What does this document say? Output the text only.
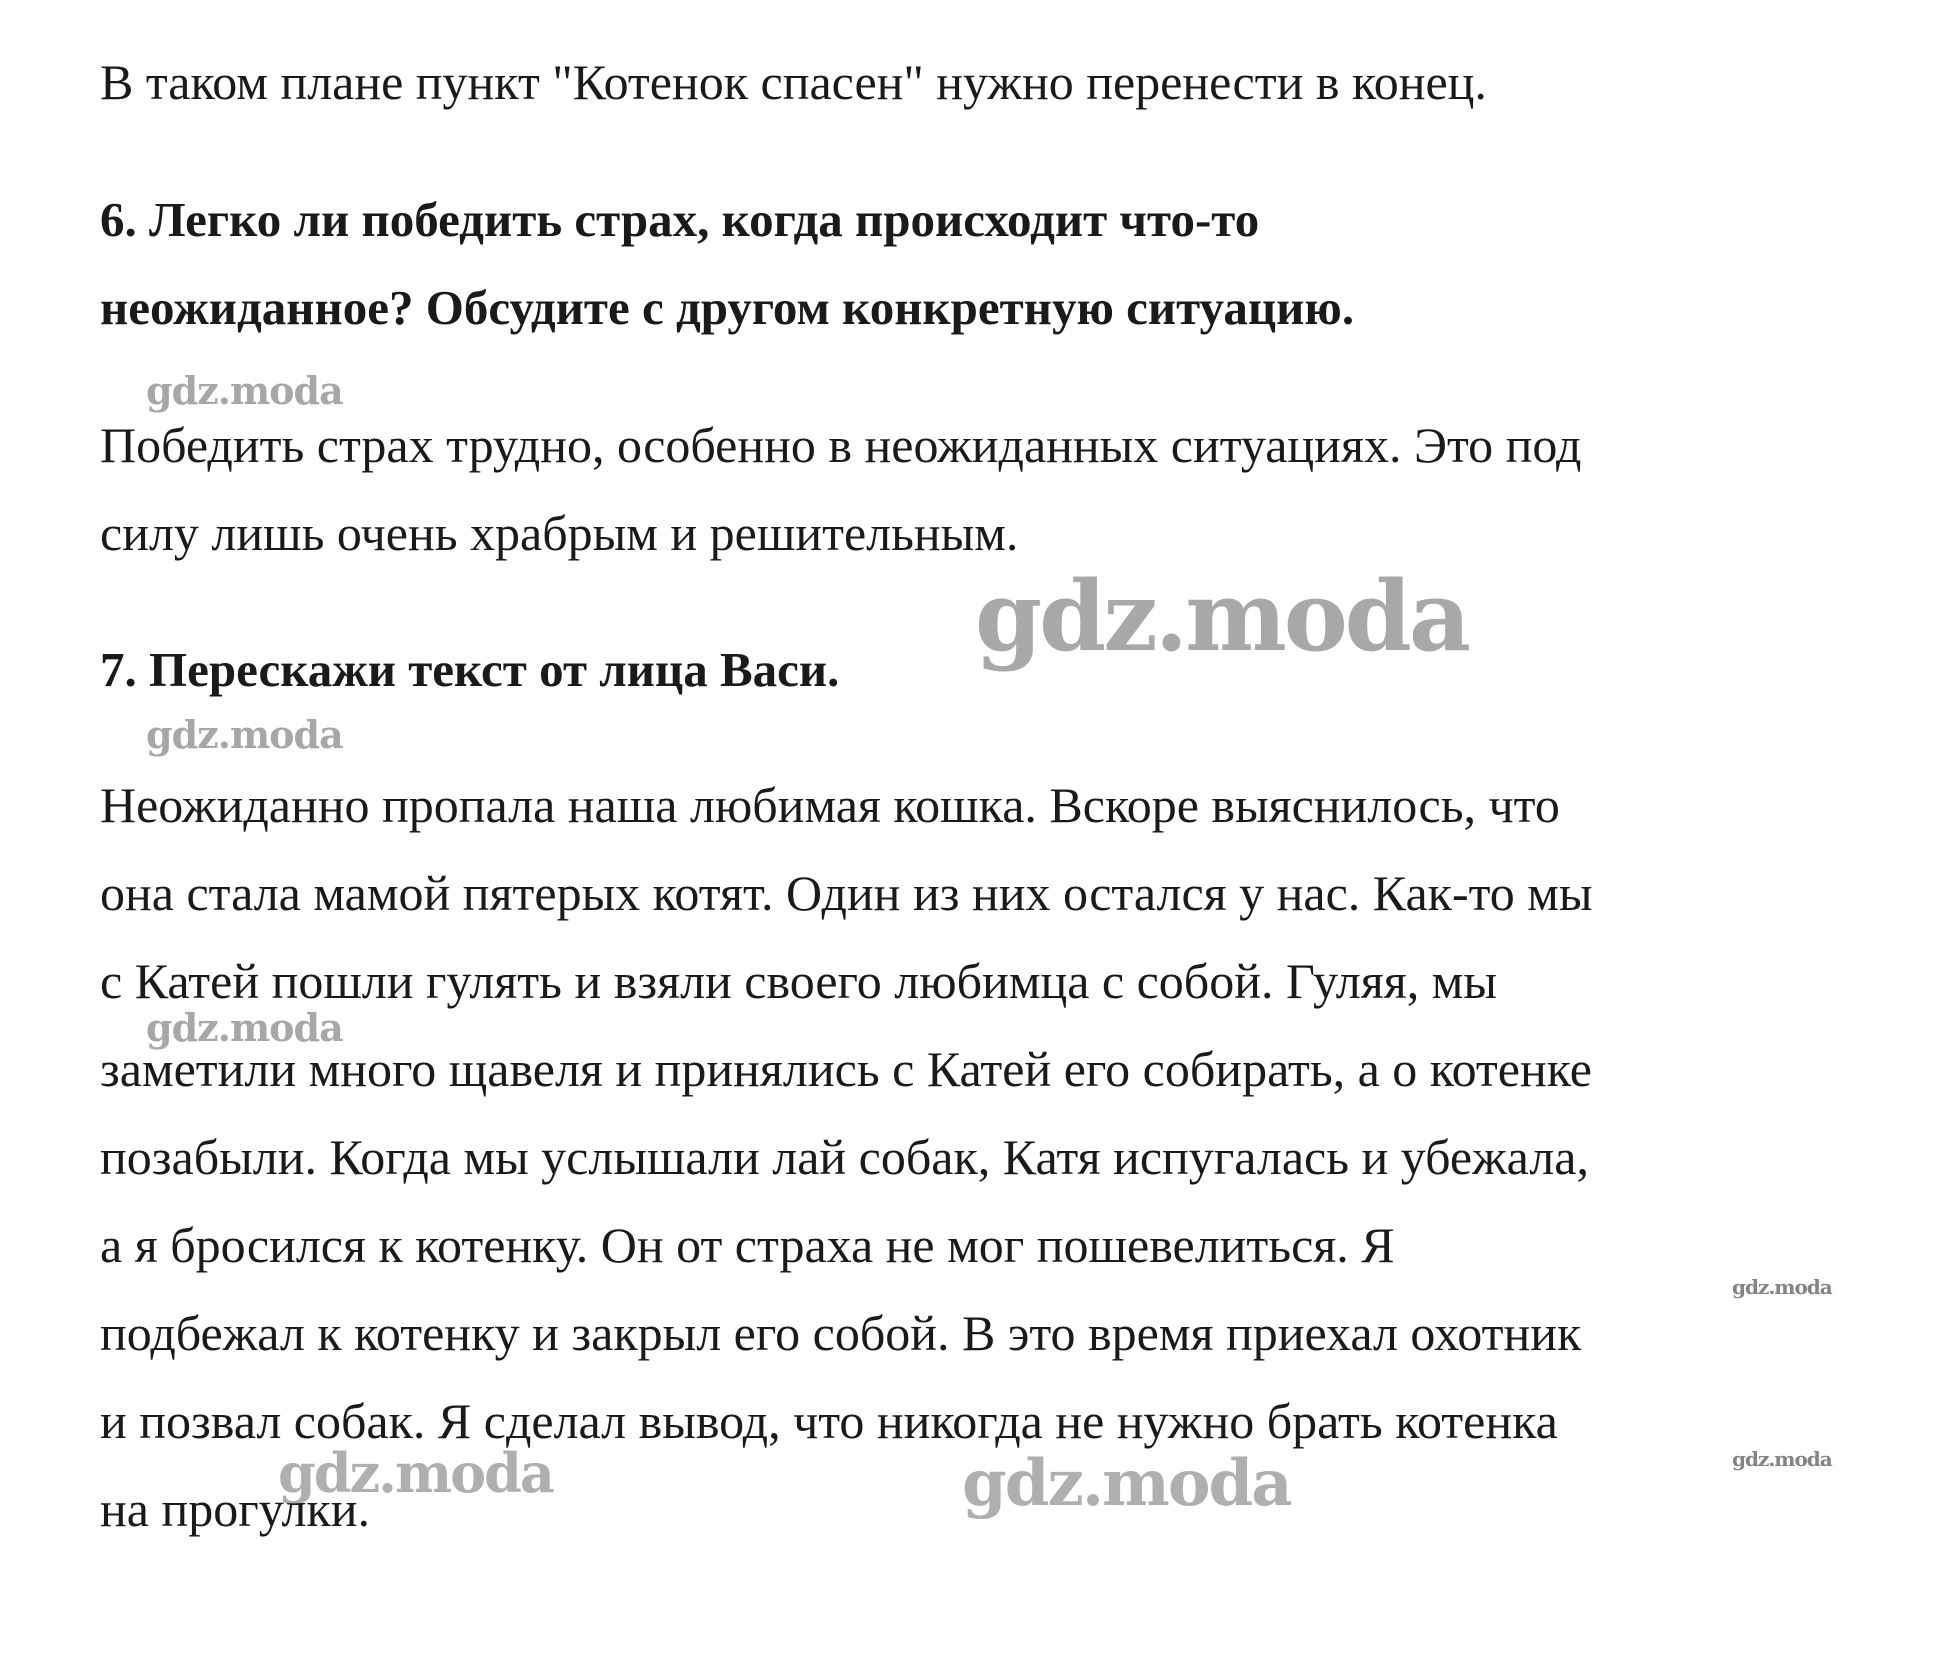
В таком плане пункт "Котенок спасен" нужно перенести в конец.
6. Легко ли победить страх, когда происходит что-то
неожиданное? Обсудите с другом конкретную ситуацию.
Победить страх трудно, особенно в неожиданных ситуациях. Это под
силу лишь очень храбрым и решительным.
7. Перескажи текст от лица Васи.
Неожиданно пропала наша любимая кошка. Вскоре выяснилось, что
она стала мамой пятерых котят. Один из них остался у нас. Как-то мы
с Катей пошли гулять и взяли своего любимца с собой. Гуляя, мы
заметили много щавеля и принялись с Катей его собирать, а о котенке
позабыли. Когда мы услышали лай собак, Катя испугалась и убежала,
а я бросился к котенку. Он от страха не мог пошевелиться. Я
подбежал к котенку и закрыл его собой. В это время приехал охотник
и позвал собак. Я сделал вывод, что никогда не нужно брать котенка
на прогулки.
gdz.moda
gdz.moda
gdz.moda
gdz.moda
gdz.moda
gdz.moda	gdz.moda
gdz.moda
